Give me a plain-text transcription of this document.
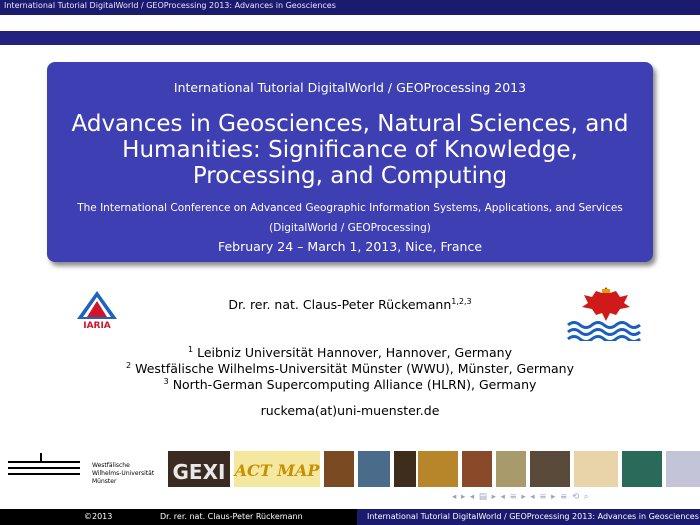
International Tutorial DigitalWorld / GEOProcessing 2013: Advances in Geosciences
International Tutorial DigitalWorld / GEOProcessing 2013
Advances in Geosciences, Natural Sciences, and
Humanities: Significance of Knowledge,
Processing, and Computing
The International Conference on Advanced Geographic Information Systems, Applications, and Services
(DigitalWorld / GEOProcessing)
February 24 – March 1, 2013, Nice, France
IARIA
Dr. rer. nat. Claus-Peter Rückemann$^{1,2,3}$
$^1$ Leibniz Universität Hannover, Hannover, Germany
$^2$ Westfälische Wilhelms-Universität Münster (WWU), Münster, Germany
$^3$ North-German Supercomputing Alliance (HLRN), Germany
ruckema(at)uni-muenster.de
Westfälische
Wilhelms-Universität
Münster	GEXI ACT MAP
◂ ▸ ◂ ▤ ▸ ◂ ≡ ▸ ◂ ≡ ▸ ≡ ⟲ ⌕
©2013	Dr. rer. nat. Claus-Peter Rückemann	International Tutorial DigitalWorld / GEOProcessing 2013: Advances in Geosciences
